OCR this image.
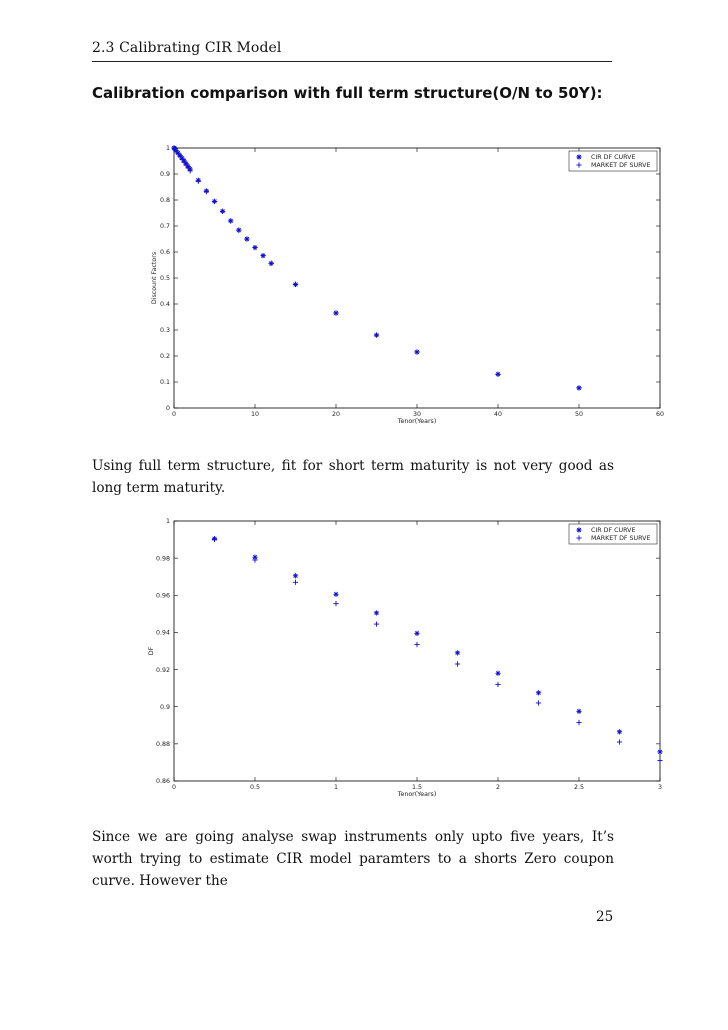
2.3 Calibrating CIR Model
Calibration comparison with full term structure(O/N to 50Y):
0
0.1
0.2
0.3
0.4
0.5
0.6
0.7
0.8
0.9
1
0	10	20	30	40	50	60
Tenor(Years)
Discount Factors
CIR DF CURVE
MARKET DF SURVE
Using full term structure, fit for short term maturity is not very good as long term maturity.
0.86
0.88
0.9
0.92
0.94
0.96
0.98
1
0	0.5	1	1.5	2	2.5	3
Tenor(Years)
DF
CIR DF CURVE
MARKET DF SURVE
Since we are going analyse swap instruments only upto five years, It’s worth trying to estimate CIR model paramters to a shorts Zero coupon curve. However the
25
